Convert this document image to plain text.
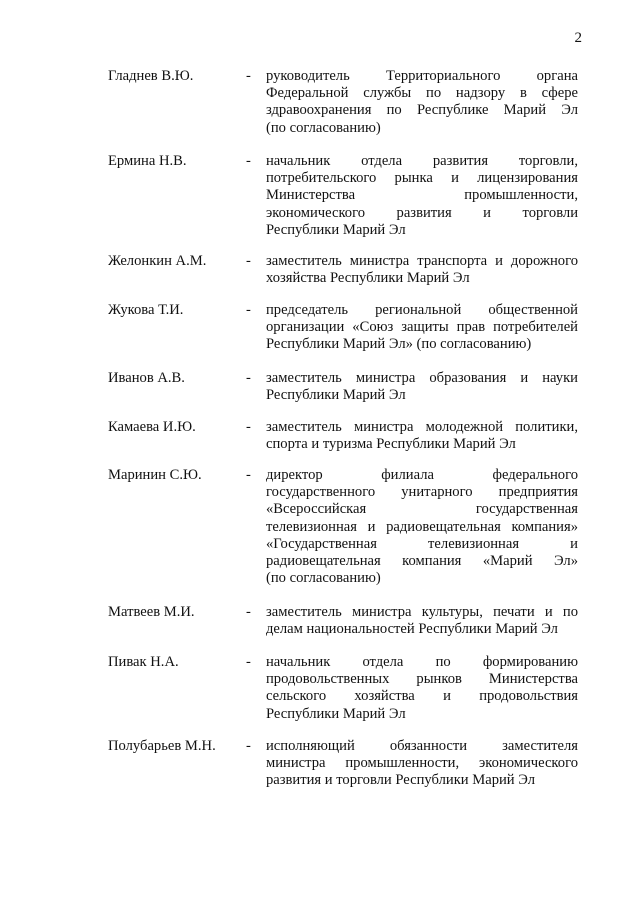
2
Гладнев В.Ю.	- руководитель Территориального органа
Федеральной службы по надзору в сфере
здравоохранения по Республике Марий Эл
(по согласованию)
Ермина Н.В.	- начальник отдела развития торговли,
потребительского рынка и лицензирования
Министерства промышленности,
экономического развития и торговли
Республики Марий Эл
Желонкин А.М.	- заместитель министра транспорта и дорожного
хозяйства Республики Марий Эл
Жукова Т.И.	- председатель региональной общественной
организации «Союз защиты прав потребителей
Республики Марий Эл» (по согласованию)
Иванов А.В.	- заместитель министра образования и науки
Республики Марий Эл
Камаева И.Ю.	- заместитель министра молодежной политики,
спорта и туризма Республики Марий Эл
Маринин С.Ю.	- директор филиала федерального
государственного унитарного предприятия
«Всероссийская государственная
телевизионная и радиовещательная компания»
«Государственная телевизионная и
радиовещательная компания «Марий Эл»
(по согласованию)
Матвеев М.И.	- заместитель министра культуры, печати и по
делам национальностей Республики Марий Эл
Пивак Н.А.	- начальник отдела по формированию
продовольственных рынков Министерства
сельского хозяйства и продовольствия
Республики Марий Эл
Полубарьев М.Н. - исполняющий обязанности заместителя
министра промышленности, экономического
развития и торговли Республики Марий Эл
